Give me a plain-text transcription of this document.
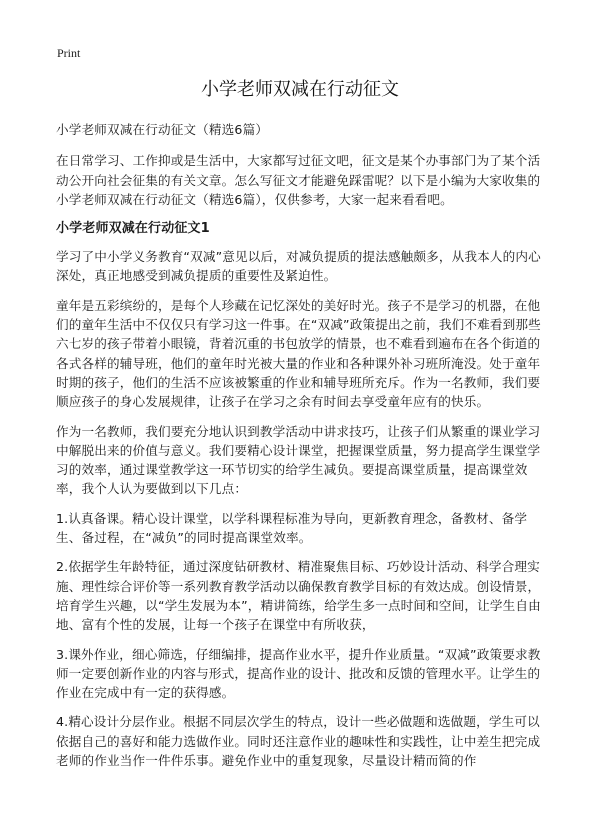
Print
小学老师双减在行动征文

小学老师双减在行动征文（精选6篇）

在日常学习、工作抑或是生活中，大家都写过征文吧，征文是某个办事部门为了某个活动公开向社会征集的有关文章。怎么写征文才能避免踩雷呢？以下是小编为大家收集的小学老师双减在行动征文（精选6篇），仅供参考，大家一起来看看吧。

小学老师双减在行动征文1

学习了中小学义务教育“双减”意见以后，对减负提质的提法感触颇多，从我本人的内心深处，真正地感受到减负提质的重要性及紧迫性。

童年是五彩缤纷的，是每个人珍藏在记忆深处的美好时光。孩子不是学习的机器，在他们的童年生活中不仅仅只有学习这一件事。在“双减”政策提出之前，我们不难看到那些六七岁的孩子带着小眼镜，背着沉重的书包放学的情景，也不难看到遍布在各个街道的各式各样的辅导班，他们的童年时光被大量的作业和各种课外补习班所淹没。处于童年时期的孩子，他们的生活不应该被繁重的作业和辅导班所充斥。作为一名教师，我们要顺应孩子的身心发展规律，让孩子在学习之余有时间去享受童年应有的快乐。

作为一名教师，我们要充分地认识到教学活动中讲求技巧，让孩子们从繁重的课业学习中解脱出来的价值与意义。我们要精心设计课堂，把握课堂质量，努力提高学生课堂学习的效率，通过课堂教学这一环节切实的给学生减负。要提高课堂质量，提高课堂效率，我个人认为要做到以下几点：

1.认真备课。精心设计课堂，以学科课程标准为导向，更新教育理念，备教材、备学生、备过程，在“减负”的同时提高课堂效率。

2.依据学生年龄特征，通过深度钻研教材、精准聚焦目标、巧妙设计活动、科学合理实施、理性综合评价等一系列教育教学活动以确保教育教学目标的有效达成。创设情景，培育学生兴趣，以“学生发展为本”，精讲简练，给学生多一点时间和空间，让学生自由地、富有个性的发展，让每一个孩子在课堂中有所收获，

3.课外作业，细心筛选，仔细编排，提高作业水平，提升作业质量。“双减”政策要求教师一定要创新作业的内容与形式，提高作业的设计、批改和反馈的管理水平。让学生的作业在完成中有一定的获得感。

4.精心设计分层作业。根据不同层次学生的特点，设计一些必做题和选做题，学生可以依据自己的喜好和能力选做作业。同时还注意作业的趣味性和实践性，让中差生把完成老师的作业当作一件件乐事。避免作业中的重复现象，尽量设计精而简的作
